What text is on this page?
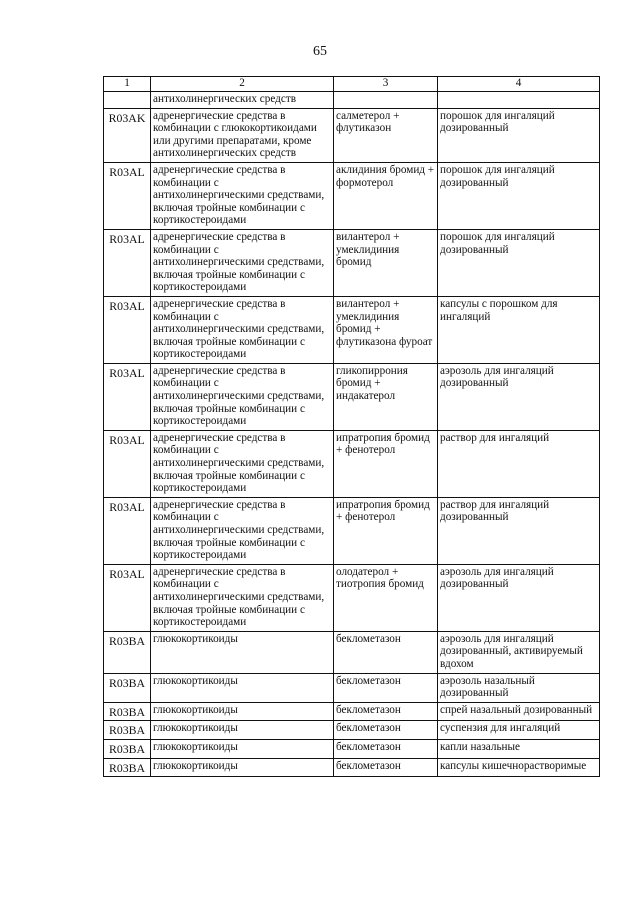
65
1	2	3	4
	антихолинергических средств		
R03AK	адренергические средства в комбинации с глюкокортикоидами или другими препаратами, кроме антихолинергических средств	салметерол + флутиказон	порошок для ингаляций дозированный
R03AL	адренергические средства в комбинации с антихолинергическими средствами, включая тройные комбинации с кортикостероидами	аклидиния бромид + формотерол	порошок для ингаляций дозированный
R03AL	адренергические средства в комбинации с антихолинергическими средствами, включая тройные комбинации с кортикостероидами	вилантерол + умеклидиния бромид	порошок для ингаляций дозированный
R03AL	адренергические средства в комбинации с антихолинергическими средствами, включая тройные комбинации с кортикостероидами	вилантерол + умеклидиния бромид + флутиказона фуроат	капсулы с порошком для ингаляций
R03AL	адренергические средства в комбинации с антихолинергическими средствами, включая тройные комбинации с кортикостероидами	гликопиррония бромид + индакатерол	аэрозоль для ингаляций дозированный
R03AL	адренергические средства в комбинации с антихолинергическими средствами, включая тройные комбинации с кортикостероидами	ипратропия бромид + фенотерол	раствор для ингаляций
R03AL	адренергические средства в комбинации с антихолинергическими средствами, включая тройные комбинации с кортикостероидами	ипратропия бромид + фенотерол	раствор для ингаляций дозированный
R03AL	адренергические средства в комбинации с антихолинергическими средствами, включая тройные комбинации с кортикостероидами	олодатерол + тиотропия бромид	аэрозоль для ингаляций дозированный
R03BA	глюкокортикоиды	беклометазон	аэрозоль для ингаляций дозированный, активируемый вдохом
R03BA	глюкокортикоиды	беклометазон	аэрозоль назальный дозированный
R03BA	глюкокортикоиды	беклометазон	спрей назальный дозированный
R03BA	глюкокортикоиды	беклометазон	суспензия для ингаляций
R03BA	глюкокортикоиды	беклометазон	капли назальные
R03BA	глюкокортикоиды	беклометазон	капсулы кишечнорастворимые
